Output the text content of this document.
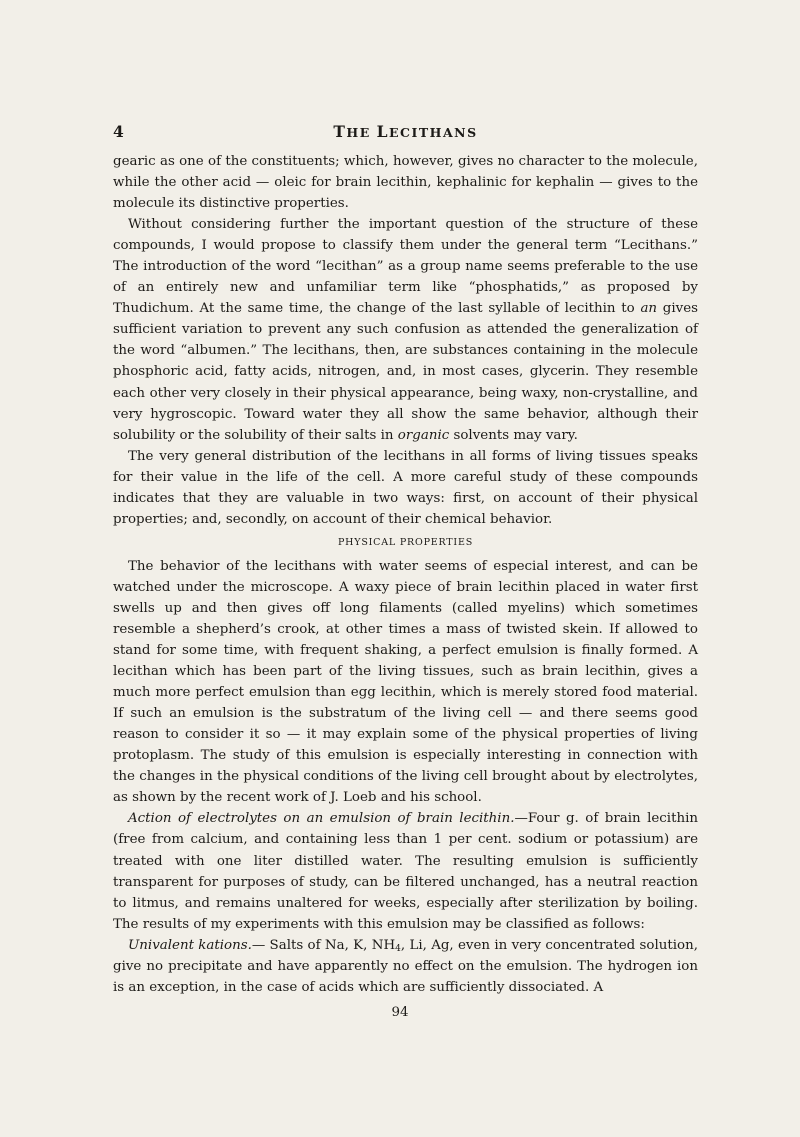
4	THE LECITHANS

gearic as one of the constituents; which, however, gives no character to the molecule, while the other acid — oleic for brain lecithin, kephalinic for kephalin — gives to the molecule its distinctive properties.

Without considering further the important question of the structure of these compounds, I would propose to classify them under the general term “Lecithans.” The introduction of the word “lecithan” as a group name seems preferable to the use of an entirely new and unfamiliar term like “phosphatids,” as proposed by Thudichum. At the same time, the change of the last syllable of lecithin to an gives sufficient variation to prevent any such confusion as attended the generalization of the word “albumen.” The lecithans, then, are substances containing in the molecule phosphoric acid, fatty acids, nitrogen, and, in most cases, glycerin. They resemble each other very closely in their physical appearance, being waxy, non-crystalline, and very hygroscopic. Toward water they all show the same behavior, although their solubility or the solubility of their salts in organic solvents may vary.

The very general distribution of the lecithans in all forms of living tissues speaks for their value in the life of the cell. A more careful study of these compounds indicates that they are valuable in two ways: first, on account of their physical properties; and, secondly, on account of their chemical behavior.

PHYSICAL PROPERTIES

The behavior of the lecithans with water seems of especial interest, and can be watched under the microscope. A waxy piece of brain lecithin placed in water first swells up and then gives off long filaments (called myelins) which sometimes resemble a shepherd’s crook, at other times a mass of twisted skein. If allowed to stand for some time, with frequent shaking, a perfect emulsion is finally formed. A lecithan which has been part of the living tissues, such as brain lecithin, gives a much more perfect emulsion than egg lecithin, which is merely stored food material. If such an emulsion is the substratum of the living cell — and there seems good reason to consider it so — it may explain some of the physical properties of living protoplasm. The study of this emulsion is especially interesting in connection with the changes in the physical conditions of the living cell brought about by electrolytes, as shown by the recent work of J. Loeb and his school.

Action of electrolytes on an emulsion of brain lecithin.—Four g. of brain lecithin (free from calcium, and containing less than 1 per cent. sodium or potassium) are treated with one liter distilled water. The resulting emulsion is sufficiently transparent for purposes of study, can be filtered unchanged, has a neutral reaction to litmus, and remains unaltered for weeks, especially after sterilization by boiling. The results of my experiments with this emulsion may be classified as follows:

Univalent kations.— Salts of Na, K, $NH_4$, Li, Ag, even in very concentrated solution, give no precipitate and have apparently no effect on the emulsion. The hydrogen ion is an exception, in the case of acids which are sufficiently dissociated. A

94
